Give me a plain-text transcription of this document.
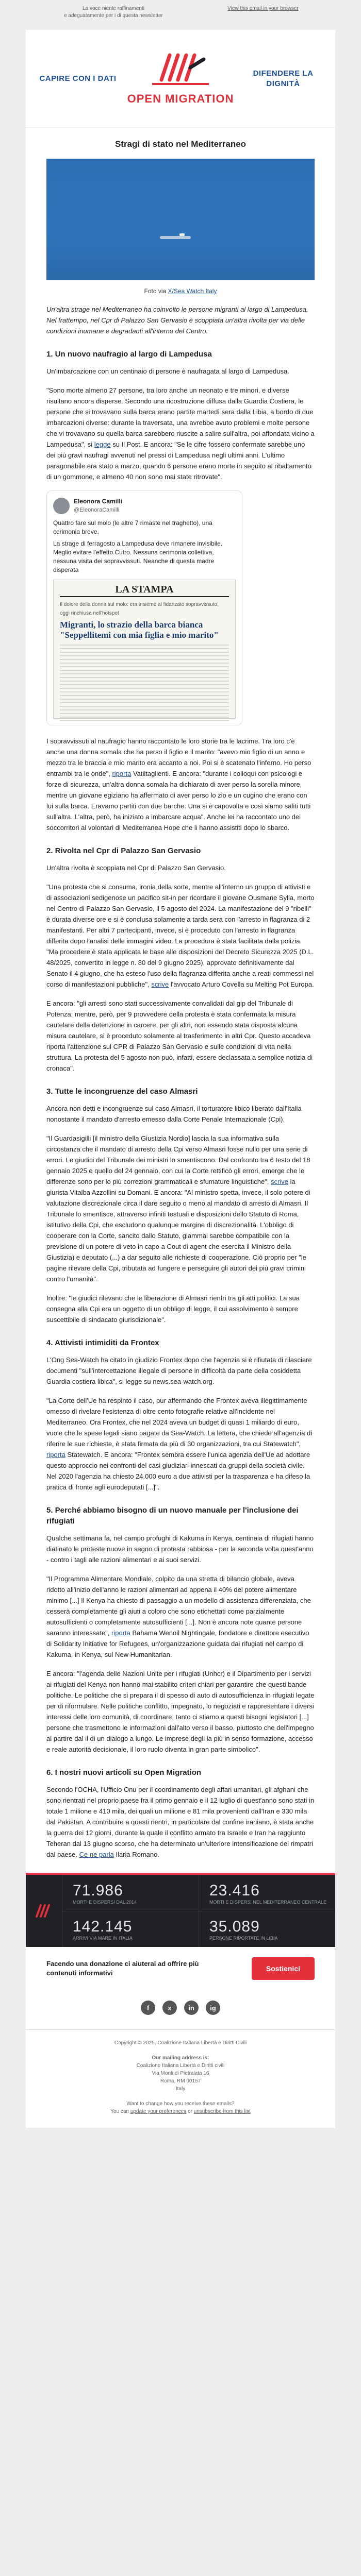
La voce niente raffinamenti
e adeguatamente per i di questa newsletter
View this email in your browser
CAPIRE CON I DATI
OPEN MIGRATION
DIFENDERE LA DIGNITÀ
Stragi di stato nel Mediterraneo
Foto via X/Sea Watch Italy

Un'altra strage nel Mediterraneo ha coinvolto le persone migranti al largo di Lampedusa. Nel frattempo, nel Cpr di Palazzo San Gervasio è scoppiata un'altra rivolta per via delle condizioni inumane e degradanti all'interno del Centro.

1. Un nuovo naufragio al largo di Lampedusa

Un'imbarcazione con un centinaio di persone è naufragata al largo di Lampedusa.

"Sono morte almeno 27 persone, tra loro anche un neonato e tre minori, e diverse risultano ancora disperse. Secondo una ricostruzione diffusa dalla Guardia Costiera, le persone che si trovavano sulla barca erano partite martedì sera dalla Libia, a bordo di due imbarcazioni diverse: durante la traversata, una avrebbe avuto problemi e molte persone che vi trovavano su quella barca sarebbero riuscite a salire sull'altra, poi affondata vicino a Lampedusa", si legge su Il Post. E ancora: "Se le cifre fossero confermate sarebbe uno dei più gravi naufragi avvenuti nel pressi di Lampedusa negli ultimi anni. L'ultimo paragonabile era stato a marzo, quando 6 persone erano morte in seguito al ribaltamento di un gommone, e almeno 40 non sono mai state ritrovate".

Eleonora Camilli
@EleonoraCamilli
Quattro fare sul molo (le altre 7 rimaste nel traghetto), una cerimonia breve.
La strage di ferragosto a Lampedusa deve rimanere invisibile. Meglio evitare l'effetto Cutro. Nessuna cerimonia collettiva, nessuna visita dei sopravvissuti. Neanche di questa madre disperata
LA STAMPA
Il dolore della donna sul molo: era insieme al fidanzato sopravvissuto, oggi rinchiusa nell'hotspot
Migranti, lo strazio della barca bianca "Seppellitemi con mia figlia e mio marito"

I sopravvissuti al naufragio hanno raccontato le loro storie tra le lacrime. Tra loro c'è anche una donna somala che ha perso il figlio e il marito: "avevo mio figlio di un anno e mezzo tra le braccia e mio marito era accanto a noi. Poi si è scatenato l'inferno. Ho perso entrambi tra le onde", riporta Vatiitaglienti. E ancora: "durante i colloqui con psicologi e forze di sicurezza, un'altra donna somala ha dichiarato di aver perso la sorella minore, mentre un giovane egiziano ha affermato di aver perso lo zio e un cugino che erano con lui sulla barca. Eravamo partiti con due barche. Una si è capovolta e così siamo saliti tutti sull'altra. L'altra, però, ha iniziato a imbarcare acqua". Anche lei ha raccontato uno dei soccorritori al volontari di Mediterranea Hope che li hanno assistiti dopo lo sbarco.

2. Rivolta nel Cpr di Palazzo San Gervasio

Un'altra rivolta è scoppiata nel Cpr di Palazzo San Gervasio.

"Una protesta che si consuma, ironia della sorte, mentre all'interno un gruppo di attivisti e di associazioni sedigenose un pacifico sit-in per ricordare il giovane Ousmane Sylla, morto nel Centro di Palazzo San Gervasio, il 5 agosto del 2024. La manifestazione del 9 "ribelli" è durata diverse ore e si è conclusa solamente a tarda sera con l'arresto in flagranza di 2 manifestanti. Per altri 7 partecipanti, invece, si è proceduto con l'arresto in flagranza differita dopo l'analisi delle immagini video. La procedura è stata facilitata dalla polizia. "Ma procedere è stata applicata le base alle disposizioni del Decreto Sicurezza 2025 (D.L. 48/2025, convertito in legge n. 80 del 9 giugno 2025), approvato definitivamente dal Senato il 4 giugno, che ha esteso l'uso della flagranza differita anche a reati commessi nel corso di manifestazioni pubbliche", scrive l'avvocato Arturo Covella su Melting Pot Europa.

E ancora: "gli arresti sono stati successivamente convalidati dal gip del Tribunale di Potenza; mentre, però, per 9 provvedere della protesta è stata confermata la misura cautelare della detenzione in carcere, per gli altri, non essendo stata disposta alcuna misura cautelare, si è proceduto solamente al trasferimento in altri Cpr. Questo accadeva riporta l'attenzione sul CPR di Palazzo San Gervasio e sulle condizioni di vita nella struttura. La protesta del 5 agosto non può, infatti, essere declassata a semplice notizia di cronaca".

3. Tutte le incongruenze del caso Almasri

Ancora non detti e incongruenze sul caso Almasri, il torturatore libico liberato dall'Italia nonostante il mandato d'arresto emesso dalla Corte Penale Internazionale (Cpi).

"Il Guardasigilli [il ministro della Giustizia Nordio] lascia la sua informativa sulla circostanza che il mandato di arresto della Cpi verso Almasri fosse nullo per una serie di errori. Le giudici del Tribunale dei ministri lo smentiscono. Dal confronto tra 6 testo del 18 gennaio 2025 e quello del 24 gennaio, con cui la Corte rettificò gli errori, emerge che le differenze sono per lo più correzioni grammaticali e sfumature linguistiche", scrive la giurista Vitalba Azzollini su Domani. E ancora: "Al ministro spetta, invece, il solo potere di valutazione discrezionale circa il dare seguito o meno al mandato di arresto di Almasri. Il Tribunale lo smentisce, attraverso infiniti testuali e disposizioni dello Statuto di Roma, istitutivo della Cpi, che escludono qualunque margine di discrezionalità. L'obbligo di cooperare con la Corte, sancito dallo Statuto, giammai sarebbe compatibile con la previsione di un potere di veto in capo a Cout di agent che esercita il Ministro della Giustizia) e deputato (...) a dar seguito alle richieste di cooperazione. Ciò proprio per "le pagine rilevare della Cpi, tributata ad fungere e perseguire gli autori dei più gravi crimini contro l'umanità".

Inoltre: "le giudici rilevano che le liberazione di Almasri rientri tra gli atti politici. La sua consegna alla Cpi era un oggetto di un obbligo di legge, il cui assolvimento è sempre suscettibile di sindacato giurisdizionale".

4. Attivisti intimiditi da Frontex

L'Ong Sea-Watch ha citato in giudizio Frontex dopo che l'agenzia si è rifiutata di rilasciare documenti "sull'intercettazione illegale di persone in difficoltà da parte della cosiddetta Guardia costiera libica", si legge su news.sea-watch.org.

"La Corte dell'Ue ha respinto il caso, pur affermando che Frontex aveva illegittimamente omesso di rivelare l'esistenza di oltre cento fotografie relative all'incidente nel Mediterraneo. Ora Frontex, che nel 2024 aveva un budget di quasi 1 miliardo di euro, vuole che le spese legali siano pagate da Sea-Watch. La lettera, che chiede all'agenzia di riferire le sue richieste, è stata firmata da più di 30 organizzazioni, tra cui Statewatch", riporta Statewatch. E ancora: "Frontex sembra essere l'unica agenzia dell'Ue ad adottare questo approccio nei confronti del casi giudiziari innescati da gruppi della società civile. Nel 2020 l'agenzia ha chiesto 24.000 euro a due attivisti per la trasparenza e ha difeso la pratica di fronte agli eurodeputati [...]".

5. Perché abbiamo bisogno di un nuovo manuale per l'inclusione dei rifugiati

Qualche settimana fa, nel campo profughi di Kakuma in Kenya, centinaia di rifugiati hanno diatinato le proteste nuove in segno di protesta rabbiosa - per la seconda volta quest'anno - contro i tagli alle razioni alimentari e ai suoi servizi.

"Il Programma Alimentare Mondiale, colpito da una stretta di bilancio globale, aveva ridotto all'inizio dell'anno le razioni alimentari ad appena il 40% del potere alimentare minimo [...] Il Kenya ha chiesto di passaggio a un modello di assistenza differenziata, che cesserà completamente gli aiuti a coloro che sono etichettati come parzialmente autosufficienti o completamente autosufficienti [...]. Non è ancora note quante persone saranno interessate", riporta Bahama Wenoil Nightingale, fondatore e direttore esecutivo di Solidarity Initiative for Refugees, un'organizzazione guidata dai rifugiati nel campo di Kakuma, in Kenya, sul New Humanitarian.

E ancora: "l'agenda delle Nazioni Unite per i rifugiati (Unhcr) e il Dipartimento per i servizi ai rifugiati del Kenya non hanno mai stabilito criteri chiari per garantire che questi bande politiche. Le politiche che si prepara il di spesso di auto di autosufficienza in rifugiati legate per di riformulare. Nelle politiche conflitto, impegnato, lo negoziati e rappresentare i diversi interessi delle loro comunità, di coordinare, tanto ci stiamo a questi bisogni legislatori [...] persone che trasmettono le informazioni dall'alto verso il basso, piuttosto che dell'impegno al partire dal il di un dialogo a lungo. Le imprese degli la più in senso formazione, accesso e reale autorità decisionale, il loro ruolo diventa in gran parte simbolico".

6. I nostri nuovi articoli su Open Migration

Secondo l'OCHA, l'Ufficio Onu per il coordinamento degli affari umanitari, gli afghani che sono rientrati nel proprio paese fra il primo gennaio e il 12 luglio di quest'anno sono stati in totale 1 milione e 410 mila, dei quali un milione e 81 mila provenienti dall'Iran e 330 mila dal Pakistan. A contribuire a questi rientri, in particolare dal confine iraniano, è stata anche la guerra dei 12 giorni, durante la quale il conflitto armato tra Israele e Iran ha raggiunto Teheran dal 13 giugno scorso, che ha determinato un'ulteriore intensificazione dei rimpatri dal paese. Ce ne parla Ilaria Romano.

71.986
MORTI E DISPERSI DAL 2014
23.416
MORTI E DISPERSI NEL MEDITERRANEO CENTRALE
142.145
ARRIVI VIA MARE IN ITALIA
35.089
PERSONE RIPORTATE IN LIBIA
Facendo una donazione ci aiuterai ad offrire più contenuti informativi
Sostienici
f	x	in	ig
Copyright © 2025, Coalizione Italiana Libertà e Diritti Civili
Our mailing address is:
Coalizione Italiana Libertà e Diritti civili
Via Monti di Pietralata 16
Roma, RM 00157
Italy
Want to change how you receive these emails?
You can update your preferences or unsubscribe from this list
